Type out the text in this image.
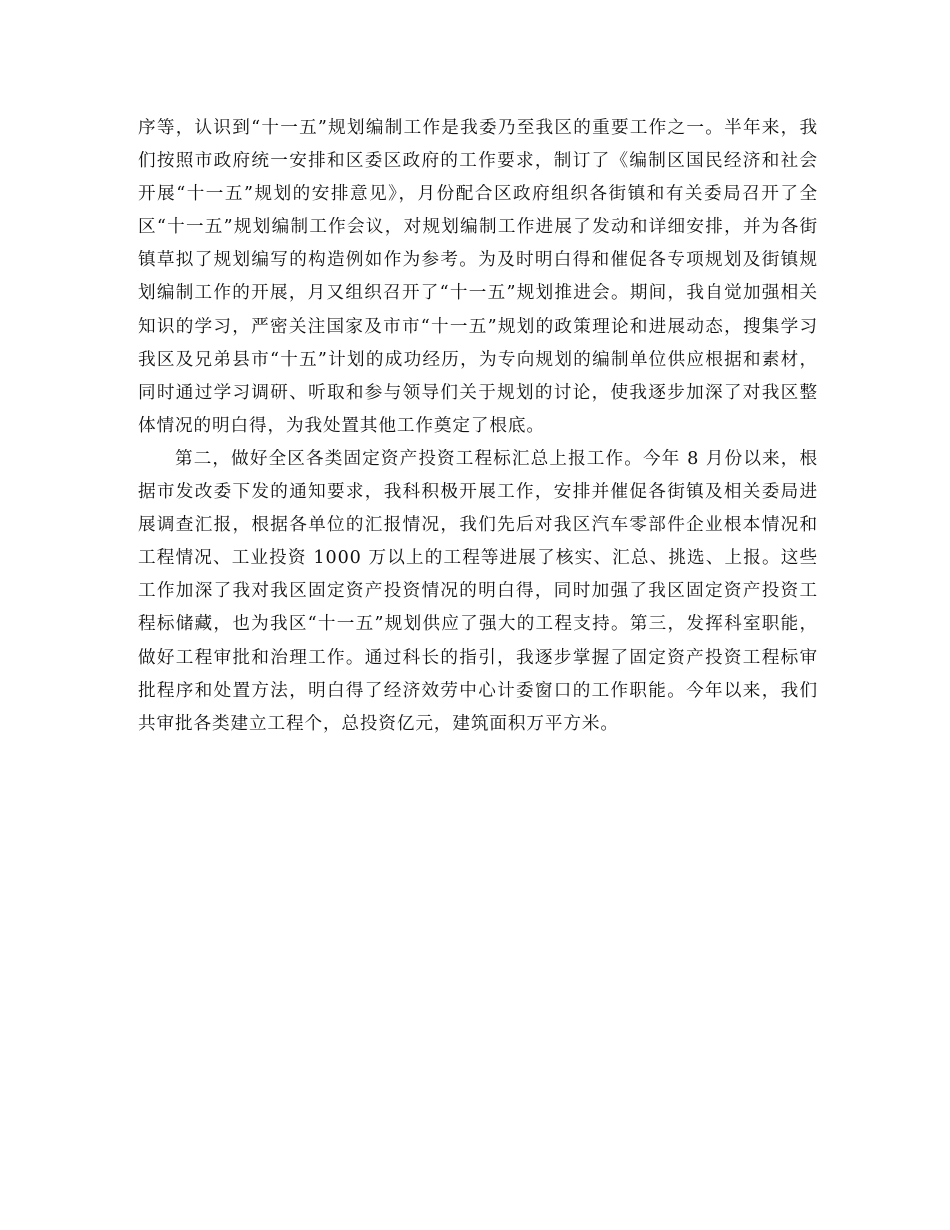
序等，认识到“十一五”规划编制工作是我委乃至我区的重要工作之一。半年来，我们按照市政府统一安排和区委区政府的工作要求，制订了《编制区国民经济和社会开展“十一五”规划的安排意见》，月份配合区政府组织各街镇和有关委局召开了全区“十一五”规划编制工作会议，对规划编制工作进展了发动和详细安排，并为各街镇草拟了规划编写的构造例如作为参考。为及时明白得和催促各专项规划及街镇规划编制工作的开展，月又组织召开了“十一五”规划推进会。期间，我自觉加强相关知识的学习，严密关注国家及市市“十一五”规划的政策理论和进展动态，搜集学习我区及兄弟县市“十五”计划的成功经历，为专向规划的编制单位供应根据和素材，同时通过学习调研、听取和参与领导们关于规划的讨论，使我逐步加深了对我区整体情况的明白得，为我处置其他工作奠定了根底。

第二，做好全区各类固定资产投资工程标汇总上报工作。今年 8 月份以来，根据市发改委下发的通知要求，我科积极开展工作，安排并催促各街镇及相关委局进展调查汇报，根据各单位的汇报情况，我们先后对我区汽车零部件企业根本情况和工程情况、工业投资 1000 万以上的工程等进展了核实、汇总、挑选、上报。这些工作加深了我对我区固定资产投资情况的明白得，同时加强了我区固定资产投资工程标储藏，也为我区“十一五”规划供应了强大的工程支持。第三，发挥科室职能，做好工程审批和治理工作。通过科长的指引，我逐步掌握了固定资产投资工程标审批程序和处置方法，明白得了经济效劳中心计委窗口的工作职能。今年以来，我们共审批各类建立工程个，总投资亿元，建筑面积万平方米。
